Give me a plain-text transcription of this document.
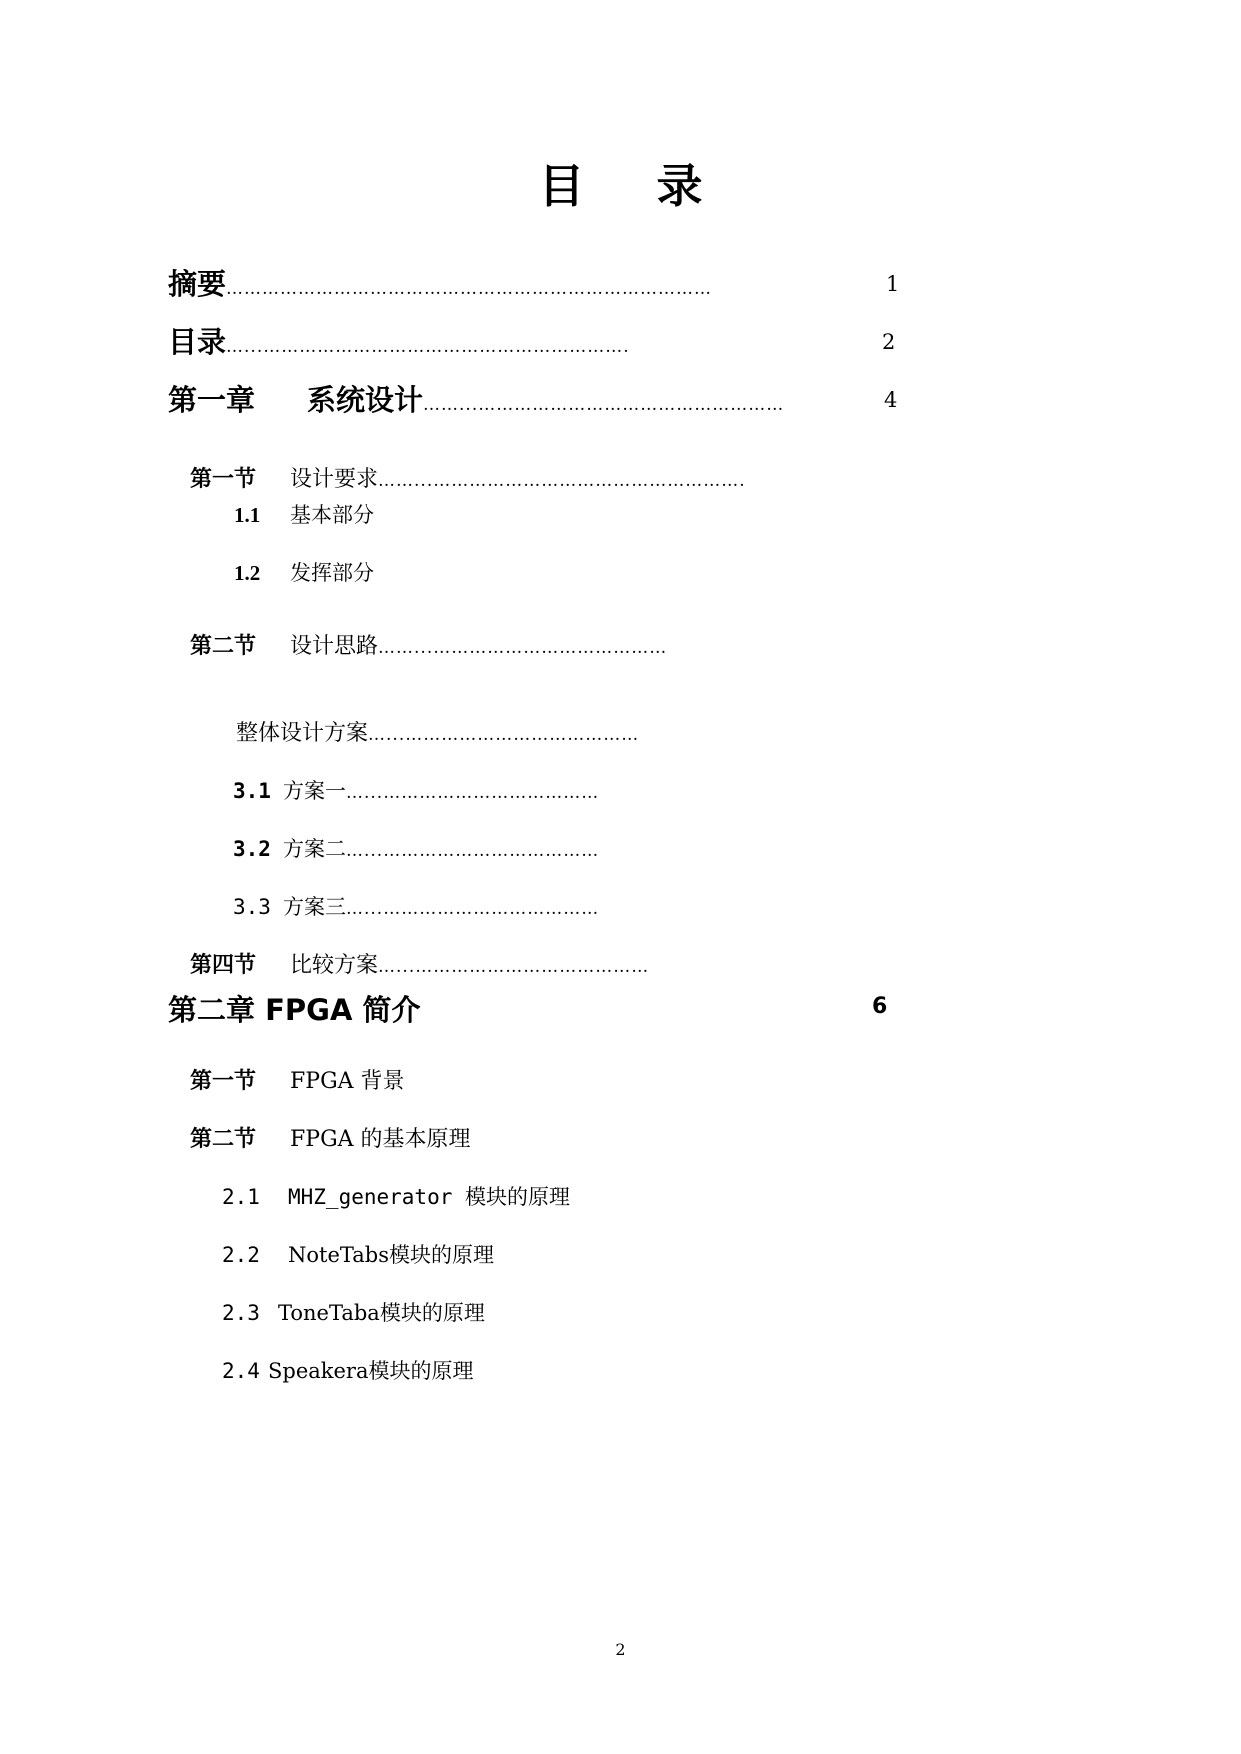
目 录
摘要………………………………………………………………………	1
目录…...…………………………………………………….	2
第一章 系统设计……...……………………………………………	4
第一节 设计要求……...…………………………………………….
1.1 基本部分
1.2 发挥部分
第二节 设计思路……...…………………………………
整体设计方案…...…………………………………
3.1 方案一…...………………………………
3.2 方案二…...………………………………
3.3 方案三…...………………………………
第四节 比较方案…...…………………………………
第二章 FPGA 简介	6
第一节 FPGA 背景
第二节 FPGA 的基本原理
2.1 MHZ_generator 模块的原理
2.2 NoteTabs模块的原理
2.3 ToneTaba模块的原理
2.4 Speakera模块的原理
2
